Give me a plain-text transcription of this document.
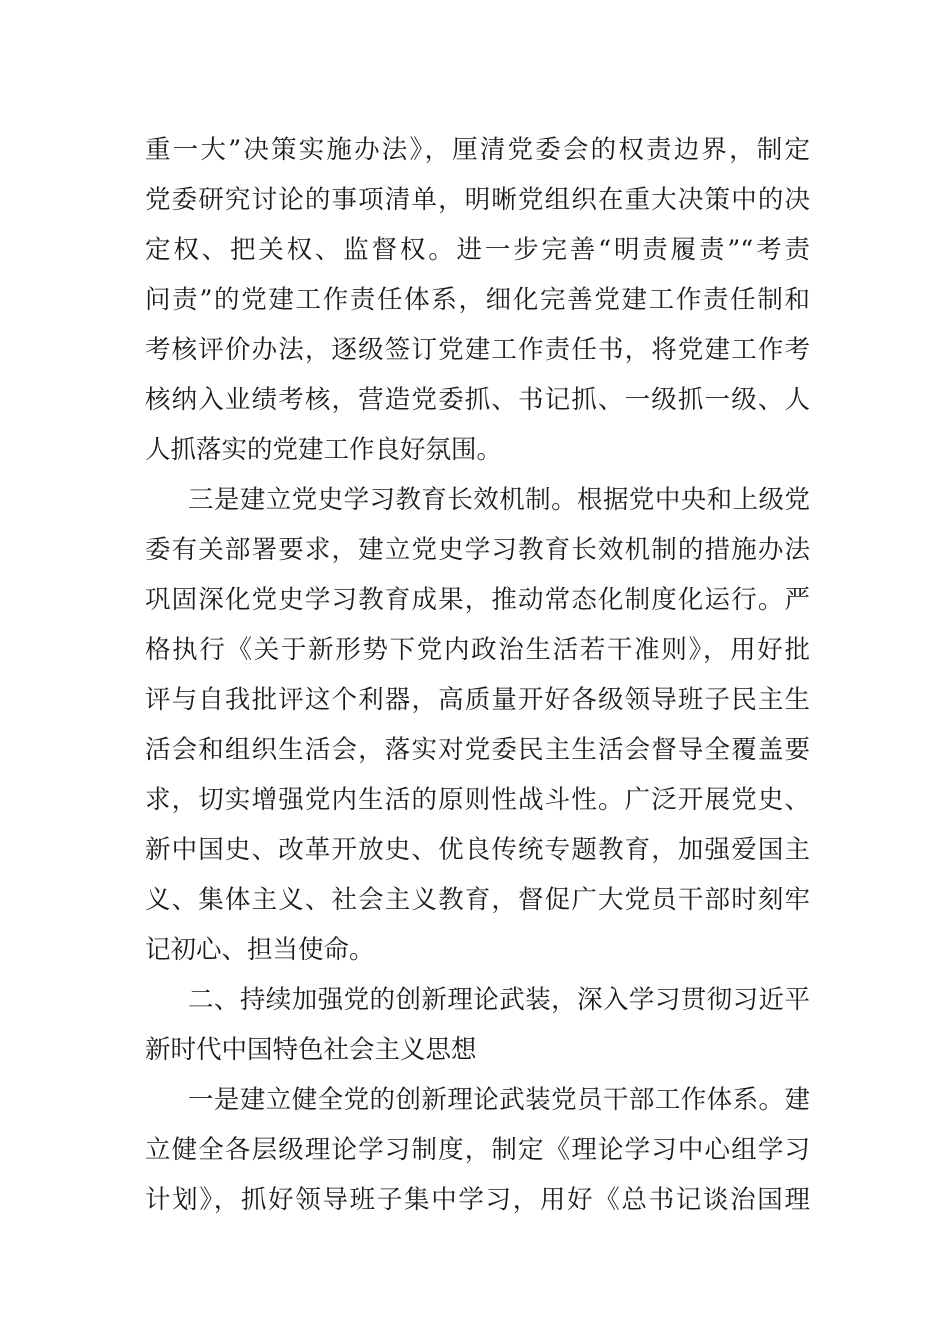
重一大”决策实施办法》，厘清党委会的权责边界，制定
党委研究讨论的事项清单，明晰党组织在重大决策中的决
定权、把关权、监督权。进一步完善“明责履责”“考责
问责”的党建工作责任体系，细化完善党建工作责任制和
考核评价办法，逐级签订党建工作责任书，将党建工作考
核纳入业绩考核，营造党委抓、书记抓、一级抓一级、人
人抓落实的党建工作良好氛围。
三是建立党史学习教育长效机制。根据党中央和上级党
委有关部署要求，建立党史学习教育长效机制的措施办法
巩固深化党史学习教育成果，推动常态化制度化运行。严
格执行《关于新形势下党内政治生活若干准则》，用好批
评与自我批评这个利器，高质量开好各级领导班子民主生
活会和组织生活会，落实对党委民主生活会督导全覆盖要
求，切实增强党内生活的原则性战斗性。广泛开展党史、
新中国史、改革开放史、优良传统专题教育，加强爱国主
义、集体主义、社会主义教育，督促广大党员干部时刻牢
记初心、担当使命。
二、持续加强党的创新理论武装，深入学习贯彻习近平
新时代中国特色社会主义思想
一是建立健全党的创新理论武装党员干部工作体系。建
立健全各层级理论学习制度，制定《理论学习中心组学习
计划》，抓好领导班子集中学习，用好《总书记谈治国理
